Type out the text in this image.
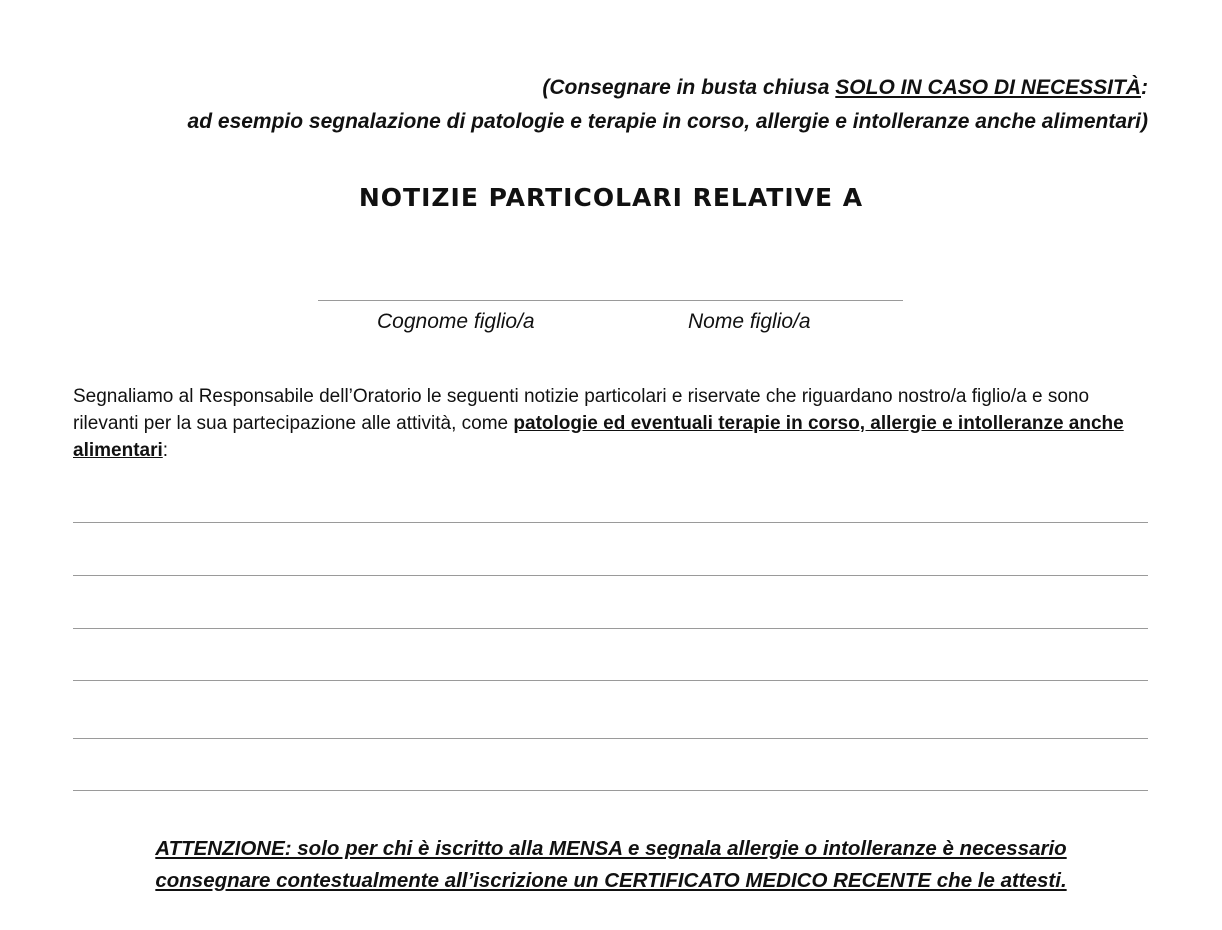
(Consegnare in busta chiusa SOLO IN CASO DI NECESSITÀ:
ad esempio segnalazione di patologie e terapie in corso, allergie e intolleranze anche alimentari)
NOTIZIE PARTICOLARI RELATIVE A
Cognome figlio/a	Nome figlio/a
Segnaliamo al Responsabile dell’Oratorio le seguenti notizie particolari e riservate che riguardano nostro/a figlio/a e sono rilevanti per la sua partecipazione alle attività, come patologie ed eventuali terapie in corso, allergie e intolleranze anche alimentari:
ATTENZIONE: solo per chi è iscritto alla MENSA e segnala allergie o intolleranze è necessario
consegnare contestualmente all’iscrizione un CERTIFICATO MEDICO RECENTE che le attesti.
